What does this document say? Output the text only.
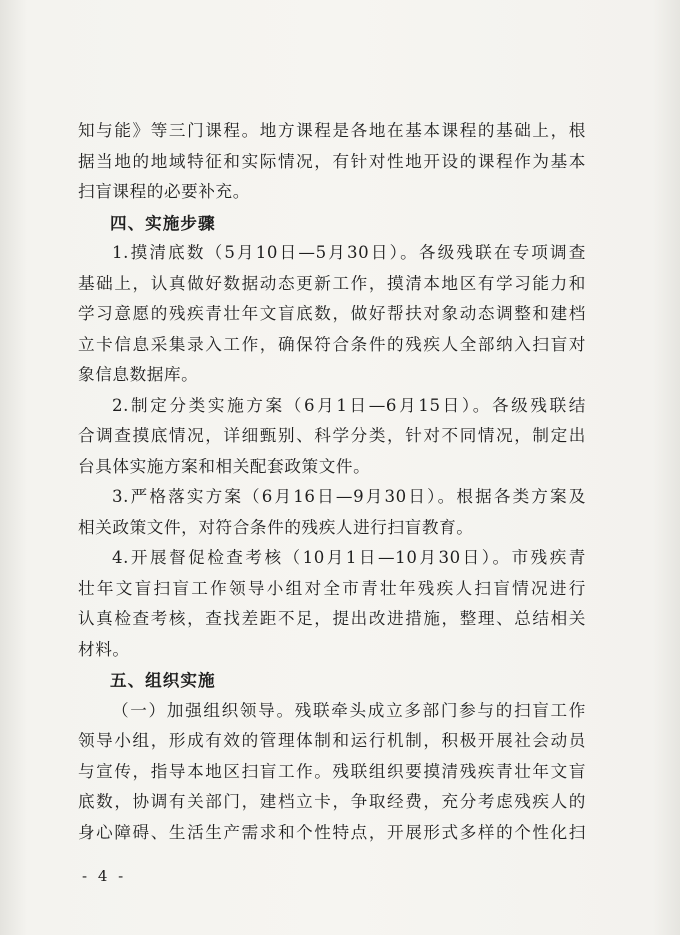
知与能》等三门课程。地方课程是各地在基本课程的基础上，根
据当地的地域特征和实际情况，有针对性地开设的课程作为基本
扫盲课程的必要补充。
四、实施步骤
1.摸清底数（5月10日—5月30日）。各级残联在专项调查
基础上，认真做好数据动态更新工作，摸清本地区有学习能力和
学习意愿的残疾青壮年文盲底数，做好帮扶对象动态调整和建档
立卡信息采集录入工作，确保符合条件的残疾人全部纳入扫盲对
象信息数据库。
2.制定分类实施方案（6月1日—6月15日）。各级残联结
合调查摸底情况，详细甄别、科学分类，针对不同情况，制定出
台具体实施方案和相关配套政策文件。
3.严格落实方案（6月16日—9月30日）。根据各类方案及
相关政策文件，对符合条件的残疾人进行扫盲教育。
4.开展督促检查考核（10月1日—10月30日）。市残疾青
壮年文盲扫盲工作领导小组对全市青壮年残疾人扫盲情况进行
认真检查考核，查找差距不足，提出改进措施，整理、总结相关
材料。
五、组织实施
（一）加强组织领导。残联牵头成立多部门参与的扫盲工作
领导小组，形成有效的管理体制和运行机制，积极开展社会动员
与宣传，指导本地区扫盲工作。残联组织要摸清残疾青壮年文盲
底数，协调有关部门，建档立卡，争取经费，充分考虑残疾人的
身心障碍、生活生产需求和个性特点，开展形式多样的个性化扫
- 4 -
